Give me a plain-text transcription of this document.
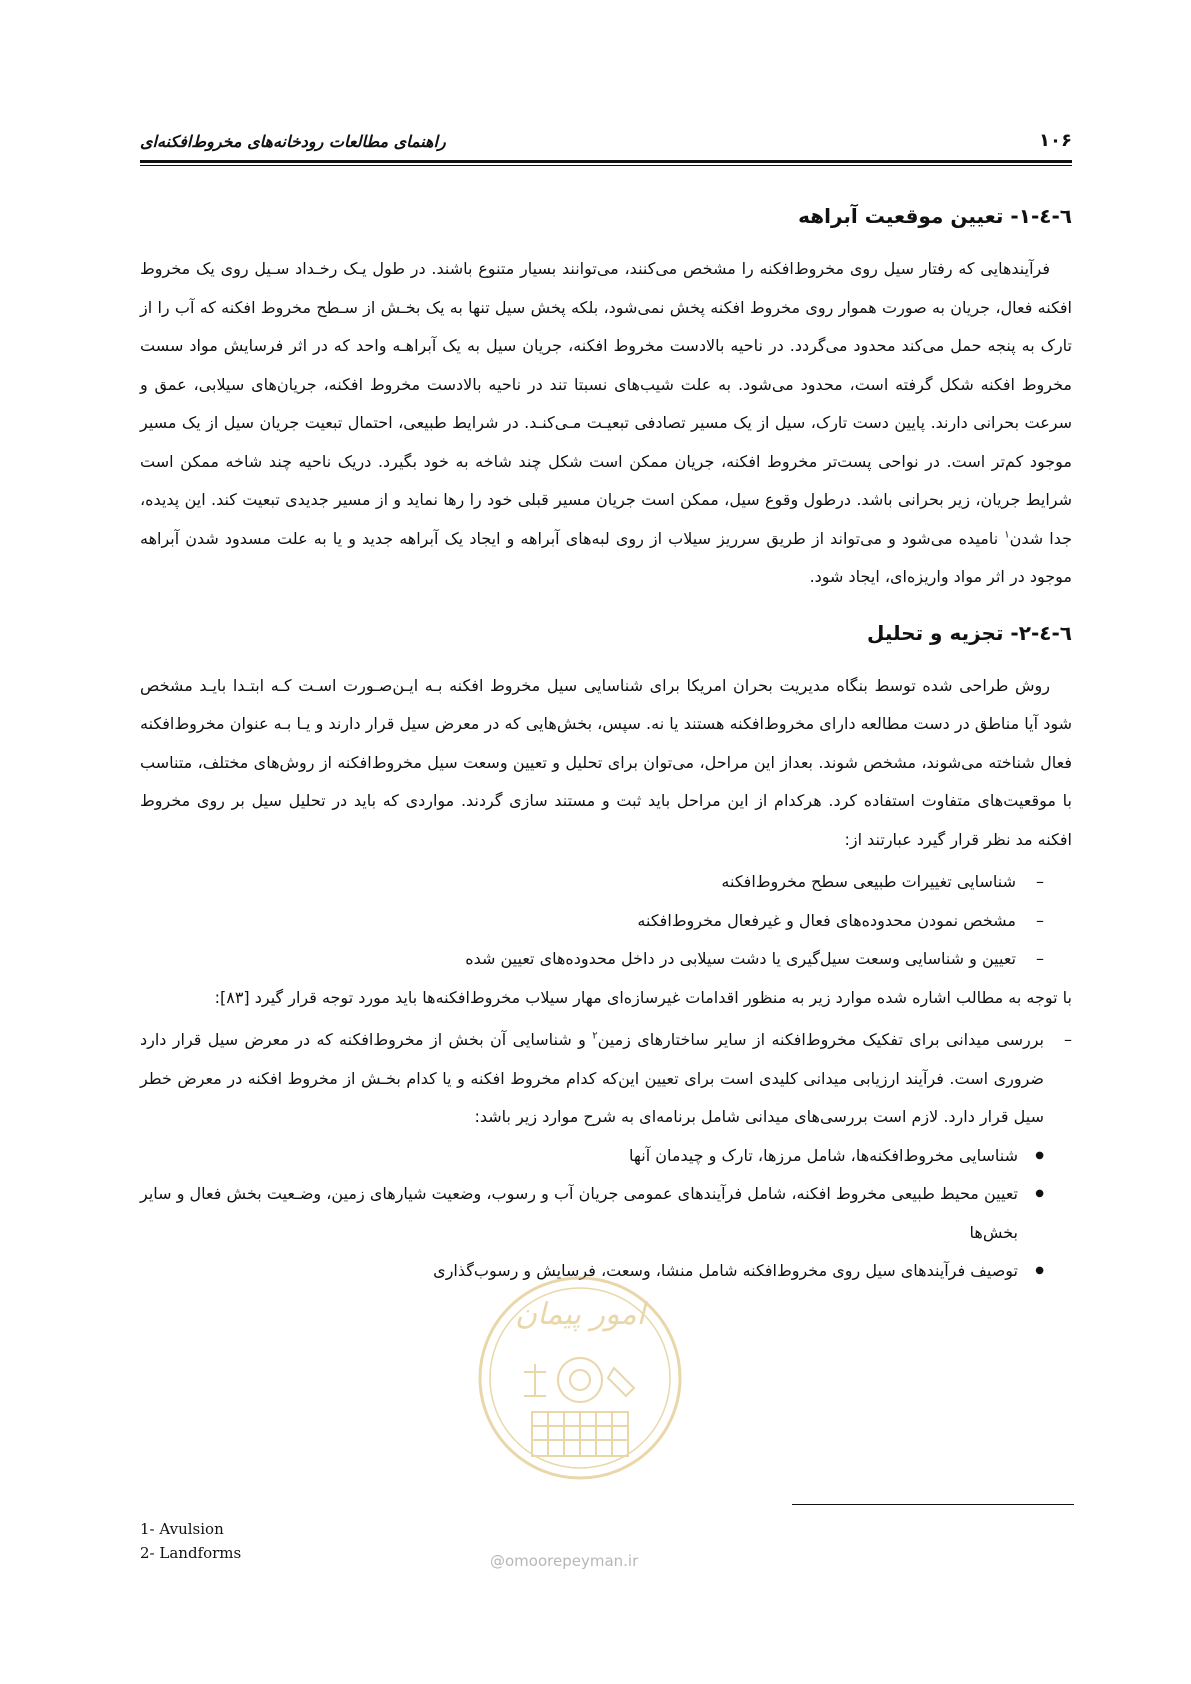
۱۰۶
راهنمای مطالعات رودخانه‌های مخروط‌افکنه‌ای
٦-٤-١- تعیین موقعیت آبراهه

فرآیندهایی که رفتار سیل روی مخروط‌افکنه را مشخص می‌کنند، می‌توانند بسیار متنوع باشند. در طول یـک رخـداد سـیل روی یک مخروط افکنه فعال، جریان به صورت هموار روی مخروط افکنه پخش نمی‌شود، بلکه پخش سیل تنها به یک بخـش از سـطح مخروط افکنه که آب را از تارک به پنجه حمل می‌کند محدود می‌گردد. در ناحیه بالادست مخروط افکنه، جریان سیل به یک آبراهـه واحد که در اثر فرسایش مواد سست مخروط افکنه شکل گرفته است، محدود می‌شود. به علت شیب‌های نسبتا تند در ناحیه بالادست مخروط افکنه، جریان‌های سیلابی، عمق و سرعت بحرانی دارند. پایین دست تارک، سیل از یک مسیر تصادفی تبعیـت مـی‌کنـد. در شرایط طبیعی، احتمال تبعیت جریان سیل از یک مسیر موجود کم‌تر است. در نواحی پست‌تر مخروط افکنه، جریان ممکن است شکل چند شاخه به خود بگیرد. دریک ناحیه چند شاخه ممکن است شرایط جریان، زیر بحرانی باشد. درطول وقوع سیل، ممکن است جریان مسیر قبلی خود را رها نماید و از مسیر جدیدی تبعیت کند. این پدیده، جدا شدن$^١$ نامیده می‌شود و می‌تواند از طریق سرریز سیلاب از روی لبه‌های آبراهه و ایجاد یک آبراهه جدید و یا به علت مسدود شدن آبراهه موجود در اثر مواد واریزه‌ای، ایجاد شود.

٦-٤-٢- تجزیه و تحلیل

روش طراحی شده توسط بنگاه مدیریت بحران امریکا برای شناسایی سیل مخروط افکنه بـه ایـن‌صـورت اسـت کـه ابتـدا بایـد مشخص شود آیا مناطق در دست مطالعه دارای مخروط‌افکنه هستند یا نه. سپس، بخش‌هایی که در معرض سیل قرار دارند و یـا بـه عنوان مخروط‌افکنه فعال شناخته می‌شوند، مشخص شوند. بعداز این مراحل، می‌توان برای تحلیل و تعیین وسعت سیل مخروط‌افکنه از روش‌های مختلف، متناسب با موقعیت‌های متفاوت استفاده کرد. هرکدام از این مراحل باید ثبت و مستند سازی گردند. مواردی که باید در تحلیل سیل بر روی مخروط افکنه مد نظر قرار گیرد عبارتند از:

– شناسایی تغییرات طبیعی سطح مخروط‌افکنه
– مشخص نمودن محدوده‌های فعال و غیرفعال مخروط‌افکنه
– تعیین و شناسایی وسعت سیل‌گیری یا دشت سیلابی در داخل محدوده‌های تعیین شده

با توجه به مطالب اشاره شده موارد زیر به منظور اقدامات غیرسازه‌ای مهار سیلاب مخروط‌افکنه‌ها باید مورد توجه قرار گیرد [٨٣]:

– بررسی میدانی برای تفکیک مخروط‌افکنه از سایر ساختارهای زمین$^٢$ و شناسایی آن بخش از مخروط‌افکنه که در معرض سیل قرار دارد ضروری است. فرآیند ارزیابی میدانی کلیدی است برای تعیین این‌که کدام مخروط افکنه و یا کدام بخـش از مخروط افکنه در معرض خطر سیل قرار دارد. لازم است بررسی‌های میدانی شامل برنامه‌ای به شرح موارد زیر باشد:
● شناسایی مخروط‌افکنه‌ها، شامل مرزها، تارک و چیدمان آنها
● تعیین محیط طبیعی مخروط افکنه، شامل فرآیندهای عمومی جریان آب و رسوب، وضعیت شیارهای زمین، وضـعیت بخش فعال و سایر بخش‌ها
● توصیف فرآیندهای سیل روی مخروط‌افکنه شامل منشا، وسعت، فرسایش و رسوب‌گذاری
1- Avulsion
2- Landforms
امور پیمان
@omoorepeyman.ir
